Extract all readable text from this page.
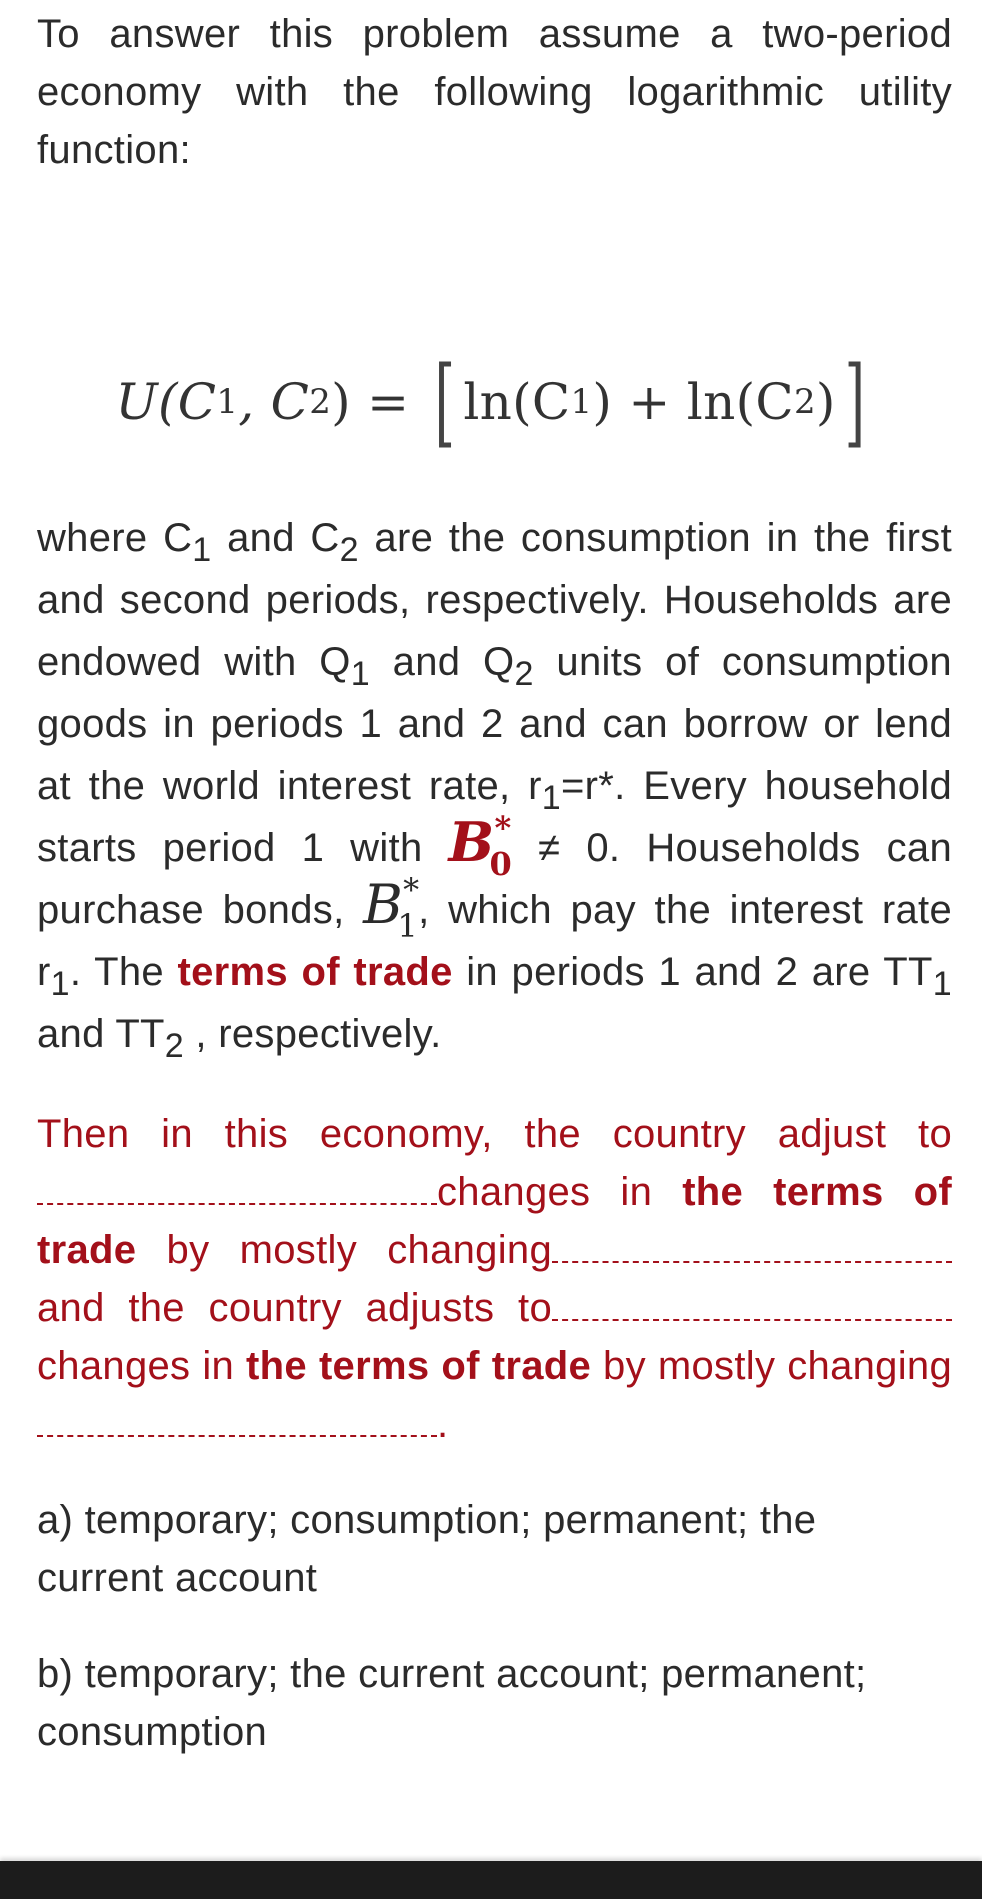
To answer this problem assume a two-period economy with the following logarithmic utility function:

U(C 1 , C 2 ) =
[ ln(C 1 ) + ln(C 2 ) ]

where $C_1$ and $C_2$ are the consumption in the first and second periods, respectively. Households are endowed with $Q_1$ and $Q_2$ units of consumption goods in periods 1 and 2 and can borrow or lend at the world interest rate, $r_1=r*$. Every household starts period 1 with $B^*_0 \ne 0$. Households can purchase bonds, $B^*_1$, which pay the interest rate $r_1$. The terms of trade in periods 1 and 2 are $TT_1$ and $TT_2$ , respectively.

Then in this economy, the country adjust tochanges in the terms of trade by mostly changingand the country adjusts tochanges in the terms of trade by mostly changing.

a) temporary; consumption; permanent; the current account

b) temporary; the current account; permanent; consumption
